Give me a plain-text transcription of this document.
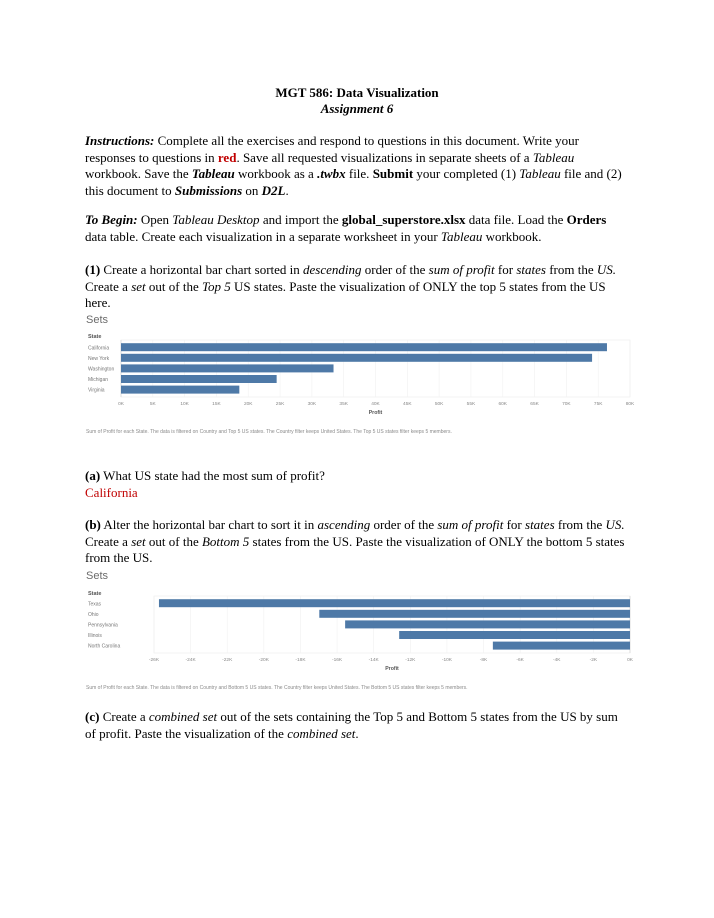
MGT 586: Data Visualization
Assignment 6
Instructions: Complete all the exercises and respond to questions in this document. Write your responses to questions in red. Save all requested visualizations in separate sheets of a Tableau workbook. Save the Tableau workbook as a .twbx file. Submit your completed (1) Tableau file and (2) this document to Submissions on D2L.
To Begin: Open Tableau Desktop and import the global_superstore.xlsx data file. Load the Orders data table. Create each visualization in a separate worksheet in your Tableau workbook.
(1) Create a horizontal bar chart sorted in descending order of the sum of profit for states from the US. Create a set out of the Top 5 US states. Paste the visualization of ONLY the top 5 states from the US here.
Sets
State
0K	5K	10K	15K	20K	25K	30K	35K	40K	45K	50K	55K	60K	65K	70K	75K	80K
California
New York
Washington
Michigan
Virginia
Profit
Sum of Profit for each State. The data is filtered on Country and Top 5 US states. The Country filter keeps United States. The Top 5 US states filter keeps 5 members.
(a) What US state had the most sum of profit?
California
(b) Alter the horizontal bar chart to sort it in ascending order of the sum of profit for states from the US. Create a set out of the Bottom 5 states from the US. Paste the visualization of ONLY the bottom 5 states from the US.
Sets
State
-26K	-24K	-22K	-20K	-18K	-16K	-14K	-12K	-10K	-8K	-6K	-4K	-2K	0K
Texas
Ohio
Pennsylvania
Illinois
North Carolina
Profit
Sum of Profit for each State. The data is filtered on Country and Bottom 5 US states. The Country filter keeps United States. The Bottom 5 US states filter keeps 5 members.
(c) Create a combined set out of the sets containing the Top 5 and Bottom 5 states from the US by sum of profit. Paste the visualization of the combined set.
